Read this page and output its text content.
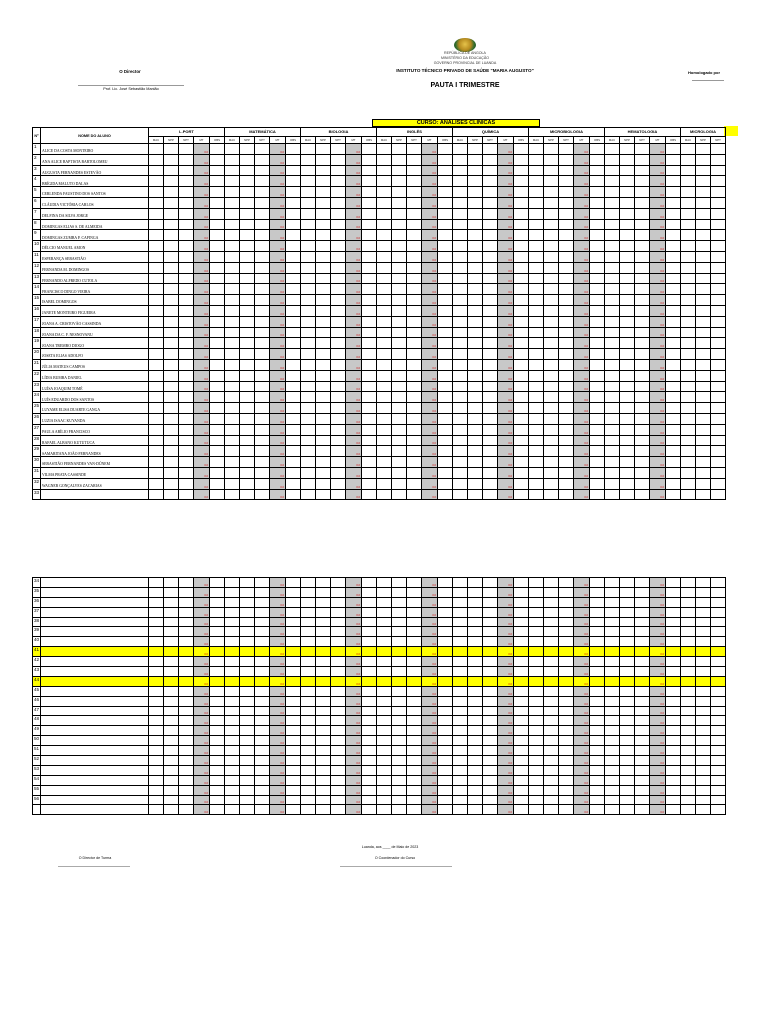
REPÚBLICA DE ANGOLA
MINISTÉRIO DA EDUCAÇÃO
GOVERNO PROVINCIAL DE LUANDA
INSTITUTO TÉCNICO PRIVADO DE SAÚDE "MARIA AUGUSTO"
PAUTA I TRIMESTRE
O Director
Prof. Lic. José Sebastião Manião
Homologado por
CURSO: ANÁLISES CLÍNICAS
Nº	NOME DO ALUNO	L.PORT					MATEMÁTICA					BIOLOGIA					INGLÊS					QUÍMICA					MICROBIOLOGIA					HEMATOLOGIA					MICROLOGIA		
		MAC	NPP	NPT	MT	OBS	MAC	NPP	NPT	MT	OBS	MAC	NPP	NPT	MT	OBS	MAC	NPP	NPT	MT	OBS	MAC	NPP	NPT	MT	OBS	MAC	NPP	NPT	MT	OBS	MAC	NPP	NPT	MT	OBS	MAC	NPP	NPT
1	ALICE DA COSTA MONTEIRO				0.0					0.0					0.0					0.0					0.0					0.0					0.0				
2	ANA ALICE BAPTISTA BARTOLOMEU				0.0					0.0					0.0					0.0					0.0					0.0					0.0				
3	AUGUSTA FERNANDES ESTEVÃO				0.0					0.0					0.0					0.0					0.0					0.0					0.0				
4	BRÍGIDA MALUTO DALAS				0.0					0.0					0.0					0.0					0.0					0.0					0.0				
5	CERLENDA FAUSTINO DOS SANTOS				0.0					0.0					0.0					0.0					0.0					0.0					0.0				
6	CLÁUDIA VICTÓRIA CARLOS				0.0					0.0					0.0					0.0					0.0					0.0					0.0				
7	DELFINA DA SILVA JORGE				0.0					0.0					0.0					0.0					0.0					0.0					0.0				
8	DOMINGAS ELIAS S. DE ALMEIDA				0.0					0.0					0.0					0.0					0.0					0.0					0.0				
9	DOMINGAS ZUMBA P. CAPINGA				0.0					0.0					0.0					0.0					0.0					0.0					0.0				
10	DÉLCIO MANUEL AMON				0.0					0.0					0.0					0.0					0.0					0.0					0.0				
11	ESPERANÇA SEBASTIÃO				0.0					0.0					0.0					0.0					0.0					0.0					0.0				
12	FERNANDA M. DOMINGOS				0.0					0.0					0.0					0.0					0.0					0.0					0.0				
13	FERNANDO ALFREDO CUTOLA				0.0					0.0					0.0					0.0					0.0					0.0					0.0				
14	FRANCISCO DINGO VIEIRA				0.0					0.0					0.0					0.0					0.0					0.0					0.0				
15	ISABEL DOMINGOS				0.0					0.0					0.0					0.0					0.0					0.0					0.0				
16	JANETE MONTEIRO FIGUEIRA				0.0					0.0					0.0					0.0					0.0					0.0					0.0				
17	JOANA A. CRISTOVÃO CASSINDA				0.0					0.0					0.0					0.0					0.0					0.0					0.0				
18	JOANA DA C. F. NESNOVANU				0.0					0.0					0.0					0.0					0.0					0.0					0.0				
19	JOANA TREMBO DIOGO				0.0					0.0					0.0					0.0					0.0					0.0					0.0				
20	JOSETA ELIAS ADOLFO				0.0					0.0					0.0					0.0					0.0					0.0					0.0				
21	JÚLIA MATEUS CAMPOS				0.0					0.0					0.0					0.0					0.0					0.0					0.0				
22	LÍDIA BUMBA DANIEL				0.0					0.0					0.0					0.0					0.0					0.0					0.0				
23	LUÍSA JOAQUIM TOMÉ				0.0					0.0					0.0					0.0					0.0					0.0					0.0				
24	LUÍS EDUARDO DOS SANTOS				0.0					0.0					0.0					0.0					0.0					0.0					0.0				
25	LUYAME ELISA DUARTE GANGA				0.0					0.0					0.0					0.0					0.0					0.0					0.0				
26	LUZIA ISAAC KUYANDA				0.0					0.0					0.0					0.0					0.0					0.0					0.0				
27	PAULA ABÍLIO FRANCISCO				0.0					0.0					0.0					0.0					0.0					0.0					0.0				
28	RAFAEL ALBANO KUTUTUCA				0.0					0.0					0.0					0.0					0.0					0.0					0.0				
29	SAMARITANA JOÃO FERNANDES				0.0					0.0					0.0					0.0					0.0					0.0					0.0				
30	SEBASTIÃO FERNANDES VAN-DÚNEM				0.0					0.0					0.0					0.0					0.0					0.0					0.0				
31	VILMA PRATA CASSINDE				0.0					0.0					0.0					0.0					0.0					0.0					0.0				
32	WAGNER GONÇALVES ZACARIAS				0.0					0.0					0.0					0.0					0.0					0.0					0.0				
33					0.0					0.0					0.0					0.0					0.0					0.0					0.0				
34					0.0					0.0					0.0					0.0					0.0					0.0					0.0				
35					0.0					0.0					0.0					0.0					0.0					0.0					0.0				
36					0.0					0.0					0.0					0.0					0.0					0.0					0.0				
37					0.0					0.0					0.0					0.0					0.0					0.0					0.0				
38					0.0					0.0					0.0					0.0					0.0					0.0					0.0				
39					0.0					0.0					0.0					0.0					0.0					0.0					0.0				
40					0.0					0.0					0.0					0.0					0.0					0.0					0.0				
41					0.0					0.0					0.0					0.0					0.0					0.0					0.0				
42					0.0					0.0					0.0					0.0					0.0					0.0					0.0				
43					0.0					0.0					0.0					0.0					0.0					0.0					0.0				
44					0.0					0.0					0.0					0.0					0.0					0.0					0.0				
45					0.0					0.0					0.0					0.0					0.0					0.0					0.0				
46					0.0					0.0					0.0					0.0					0.0					0.0					0.0				
47					0.0					0.0					0.0					0.0					0.0					0.0					0.0				
48					0.0					0.0					0.0					0.0					0.0					0.0					0.0				
49					0.0					0.0					0.0					0.0					0.0					0.0					0.0				
50					0.0					0.0					0.0					0.0					0.0					0.0					0.0				
51					0.0					0.0					0.0					0.0					0.0					0.0					0.0				
52					0.0					0.0					0.0					0.0					0.0					0.0					0.0				
53					0.0					0.0					0.0					0.0					0.0					0.0					0.0				
54					0.0					0.0					0.0					0.0					0.0					0.0					0.0				
55					0.0					0.0					0.0					0.0					0.0					0.0					0.0				
56					0.0					0.0					0.0					0.0					0.0					0.0					0.0				
					0.0					0.0					0.0					0.0					0.0					0.0					0.0				
Luanda, aos ____ de Maio de 2023
O Director de Turma	O Coordenador do Curso
